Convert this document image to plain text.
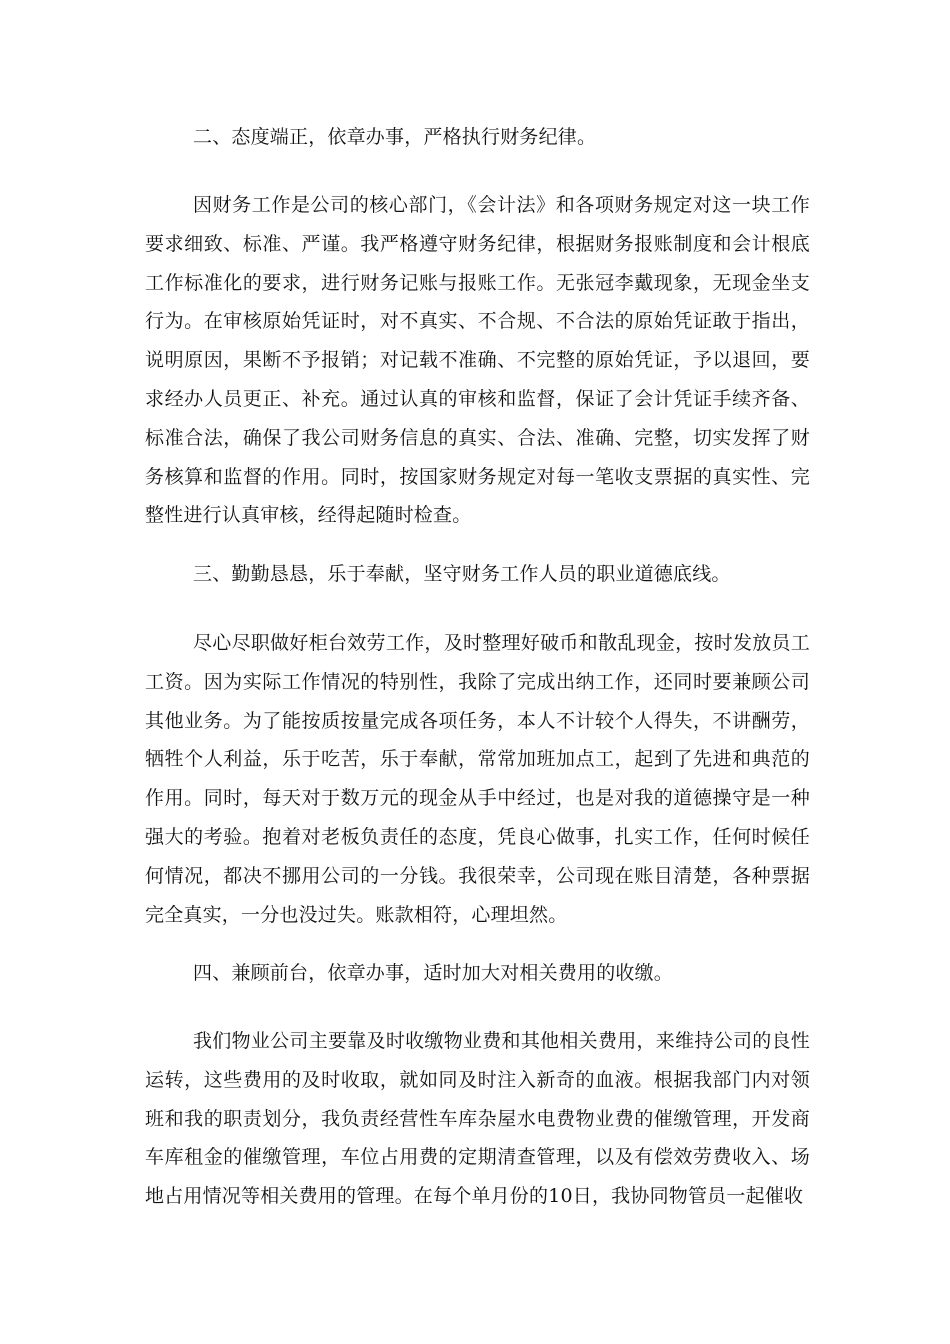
二、态度端正，依章办事，严格执行财务纪律。

因财务工作是公司的核心部门，《会计法》和各项财务规定对这一块工作要求细致、标准、严谨。我严格遵守财务纪律，根据财务报账制度和会计根底工作标准化的要求，进行财务记账与报账工作。无张冠李戴现象，无现金坐支行为。在审核原始凭证时，对不真实、不合规、不合法的原始凭证敢于指出，说明原因，果断不予报销；对记载不准确、不完整的原始凭证，予以退回，要求经办人员更正、补充。通过认真的审核和监督，保证了会计凭证手续齐备、标准合法，确保了我公司财务信息的真实、合法、准确、完整，切实发挥了财务核算和监督的作用。同时，按国家财务规定对每一笔收支票据的真实性、完整性进行认真审核，经得起随时检查。

三、勤勤恳恳，乐于奉献，坚守财务工作人员的职业道德底线。

尽心尽职做好柜台效劳工作，及时整理好破币和散乱现金，按时发放员工工资。因为实际工作情况的特别性，我除了完成出纳工作，还同时要兼顾公司其他业务。为了能按质按量完成各项任务，本人不计较个人得失，不讲酬劳，牺牲个人利益，乐于吃苦，乐于奉献，常常加班加点工，起到了先进和典范的作用。同时，每天对于数万元的现金从手中经过，也是对我的道德操守是一种强大的考验。抱着对老板负责任的态度，凭良心做事，扎实工作，任何时候任何情况，都决不挪用公司的一分钱。我很荣幸，公司现在账目清楚，各种票据完全真实，一分也没过失。账款相符，心理坦然。

四、兼顾前台，依章办事，适时加大对相关费用的收缴。

我们物业公司主要靠及时收缴物业费和其他相关费用，来维持公司的良性运转，这些费用的及时收取，就如同及时注入新奇的血液。根据我部门内对领班和我的职责划分，我负责经营性车库杂屋水电费物业费的催缴管理，开发商车库租金的催缴管理，车位占用费的定期清查管理，以及有偿效劳费收入、场地占用情况等相关费用的管理。在每个单月份的10日，我协同物管员一起催收
